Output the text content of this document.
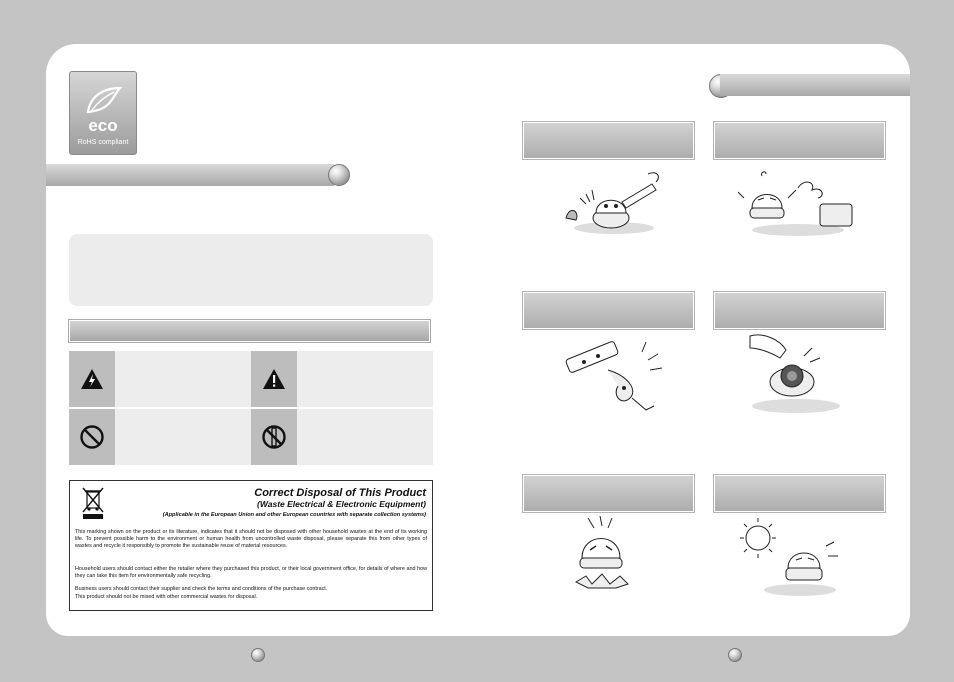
eco
RoHS compliant
Correct Disposal of This Product
(Waste Electrical & Electronic Equipment)
(Applicable in the European Union and other European countries with separate collection systems)
This marking shown on the product or its literature, indicates that it should not be disposed with other household wastes at the end of its working life. To prevent possible harm to the environment or human health from uncontrolled waste disposal, please separate this from other types of wastes and recycle it responsibly to promote the sustainable reuse of material resources.
Household users should contact either the retailer where they purchased this product, or their local government office, for details of where and how they can take this item for environmentally safe recycling.
Business users should contact their supplier and check the terms and conditions of the purchase contract.
This product should not be mixed with other commercial wastes for disposal.
